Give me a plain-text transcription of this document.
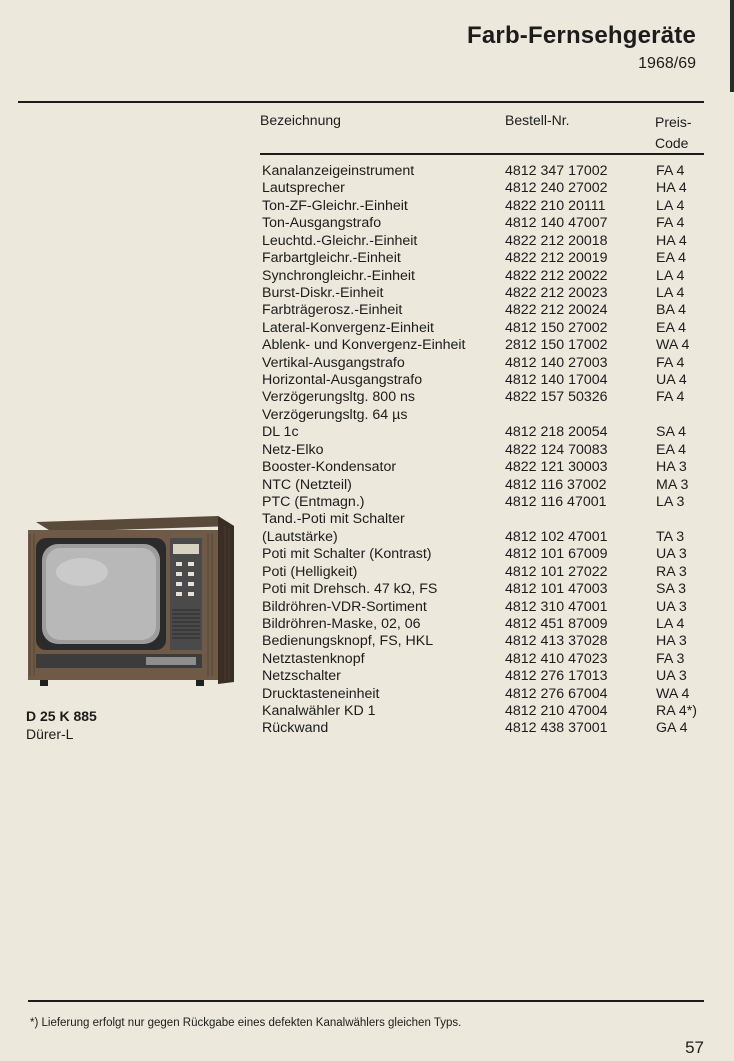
Farb-Fernsehgeräte
1968/69
Bezeichnung	Bestell-Nr.	Preis-
Code
Kanalanzeigeinstrument	4812 347 17002	FA 4
Lautsprecher	4812 240 27002	HA 4
Ton-ZF-Gleichr.-Einheit	4822 210 20111	LA 4
Ton-Ausgangstrafo	4812 140 47007	FA 4
Leuchtd.-Gleichr.-Einheit	4822 212 20018	HA 4
Farbartgleichr.-Einheit	4822 212 20019	EA 4
Synchrongleichr.-Einheit	4822 212 20022	LA 4
Burst-Diskr.-Einheit	4822 212 20023	LA 4
Farbträgerosz.-Einheit	4822 212 20024	BA 4
Lateral-Konvergenz-Einheit	4812 150 27002	EA 4
Ablenk- und Konvergenz-Einheit	2812 150 17002	WA 4
Vertikal-Ausgangstrafo	4812 140 27003	FA 4
Horizontal-Ausgangstrafo	4812 140 17004	UA 4
Verzögerungsltg. 800 ns	4822 157 50326	FA 4
Verzögerungsltg. 64 µs
DL 1c	4812 218 20054	SA 4
Netz-Elko	4822 124 70083	EA 4
Booster-Kondensator	4822 121 30003	HA 3
NTC (Netzteil)	4812 116 37002	MA 3
PTC (Entmagn.)	4812 116 47001	LA 3
Tand.-Poti mit Schalter
(Lautstärke)	4812 102 47001	TA 3
Poti mit Schalter (Kontrast)	4812 101 67009	UA 3
Poti (Helligkeit)	4812 101 27022	RA 3
Poti mit Drehsch. 47 kΩ, FS	4812 101 47003	SA 3
Bildröhren-VDR-Sortiment	4812 310 47001	UA 3
Bildröhren-Maske, 02, 06	4812 451 87009	LA 4
Bedienungsknopf, FS, HKL	4812 413 37028	HA 3
Netztastenknopf	4812 410 47023	FA 3
Netzschalter	4812 276 17013	UA 3
Drucktasteneinheit	4812 276 67004	WA 4
Kanalwähler KD 1	4812 210 47004	RA 4*)
Rückwand	4812 438 37001	GA 4
D 25 K 885
Dürer-L
*) Lieferung erfolgt nur gegen Rückgabe eines defekten Kanalwählers gleichen Typs.
57
